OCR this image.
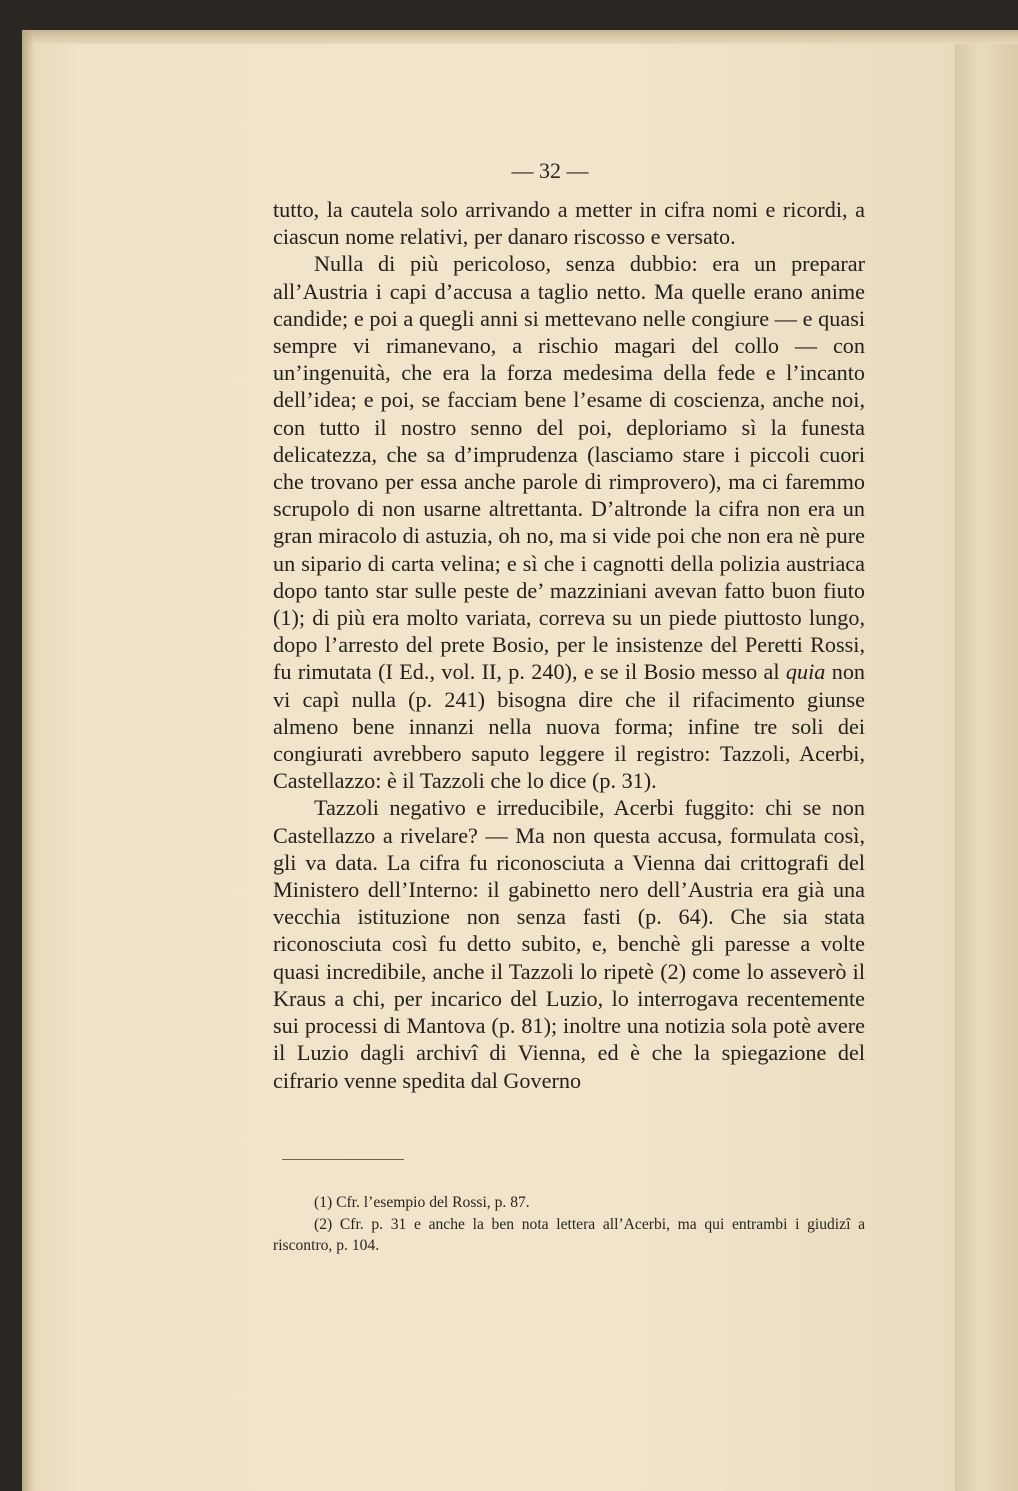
— 32 —

tutto, la cautela solo arrivando a metter in cifra nomi e ricordi, a ciascun nome relativi, per danaro riscosso e versato.

Nulla di più pericoloso, senza dubbio: era un preparar all’Austria i capi d’accusa a taglio netto. Ma quelle erano anime candide; e poi a quegli anni si mettevano nelle congiure — e quasi sempre vi rimanevano, a rischio magari del collo — con un’ingenuità, che era la forza medesima della fede e l’incanto dell’idea; e poi, se facciam bene l’esame di coscienza, anche noi, con tutto il nostro senno del poi, deploriamo sì la funesta delicatezza, che sa d’imprudenza (lasciamo stare i piccoli cuori che trovano per essa anche parole di rimprovero), ma ci faremmo scrupolo di non usarne altrettanta. D’altronde la cifra non era un gran miracolo di astuzia, oh no, ma si vide poi che non era nè pure un sipario di carta velina; e sì che i cagnotti della polizia austriaca dopo tanto star sulle peste de’ mazziniani avevan fatto buon fiuto (1); di più era molto variata, correva su un piede piuttosto lungo, dopo l’arresto del prete Bosio, per le insistenze del Peretti Rossi, fu rimutata (I Ed., vol. II, p. 240), e se il Bosio messo al quia non vi capì nulla (p. 241) bisogna dire che il rifacimento giunse almeno bene innanzi nella nuova forma; infine tre soli dei congiurati avrebbero saputo leggere il registro: Tazzoli, Acerbi, Castellazzo: è il Tazzoli che lo dice (p. 31).

Tazzoli negativo e irreducibile, Acerbi fuggito: chi se non Castellazzo a rivelare? — Ma non questa accusa, formulata così, gli va data. La cifra fu riconosciuta a Vienna dai crittografi del Ministero dell’Interno: il gabinetto nero dell’Austria era già una vecchia istituzione non senza fasti (p. 64). Che sia stata riconosciuta così fu detto subito, e, benchè gli paresse a volte quasi incredibile, anche il Tazzoli lo ripetè (2) come lo asseverò il Kraus a chi, per incarico del Luzio, lo interrogava recentemente sui processi di Mantova (p. 81); inoltre una notizia sola potè avere il Luzio dagli archivî di Vienna, ed è che la spiegazione del cifrario venne spedita dal Governo

(1) Cfr. l’esempio del Rossi, p. 87.

(2) Cfr. p. 31 e anche la ben nota lettera all’Acerbi, ma qui entrambi i giudizî a riscontro, p. 104.
